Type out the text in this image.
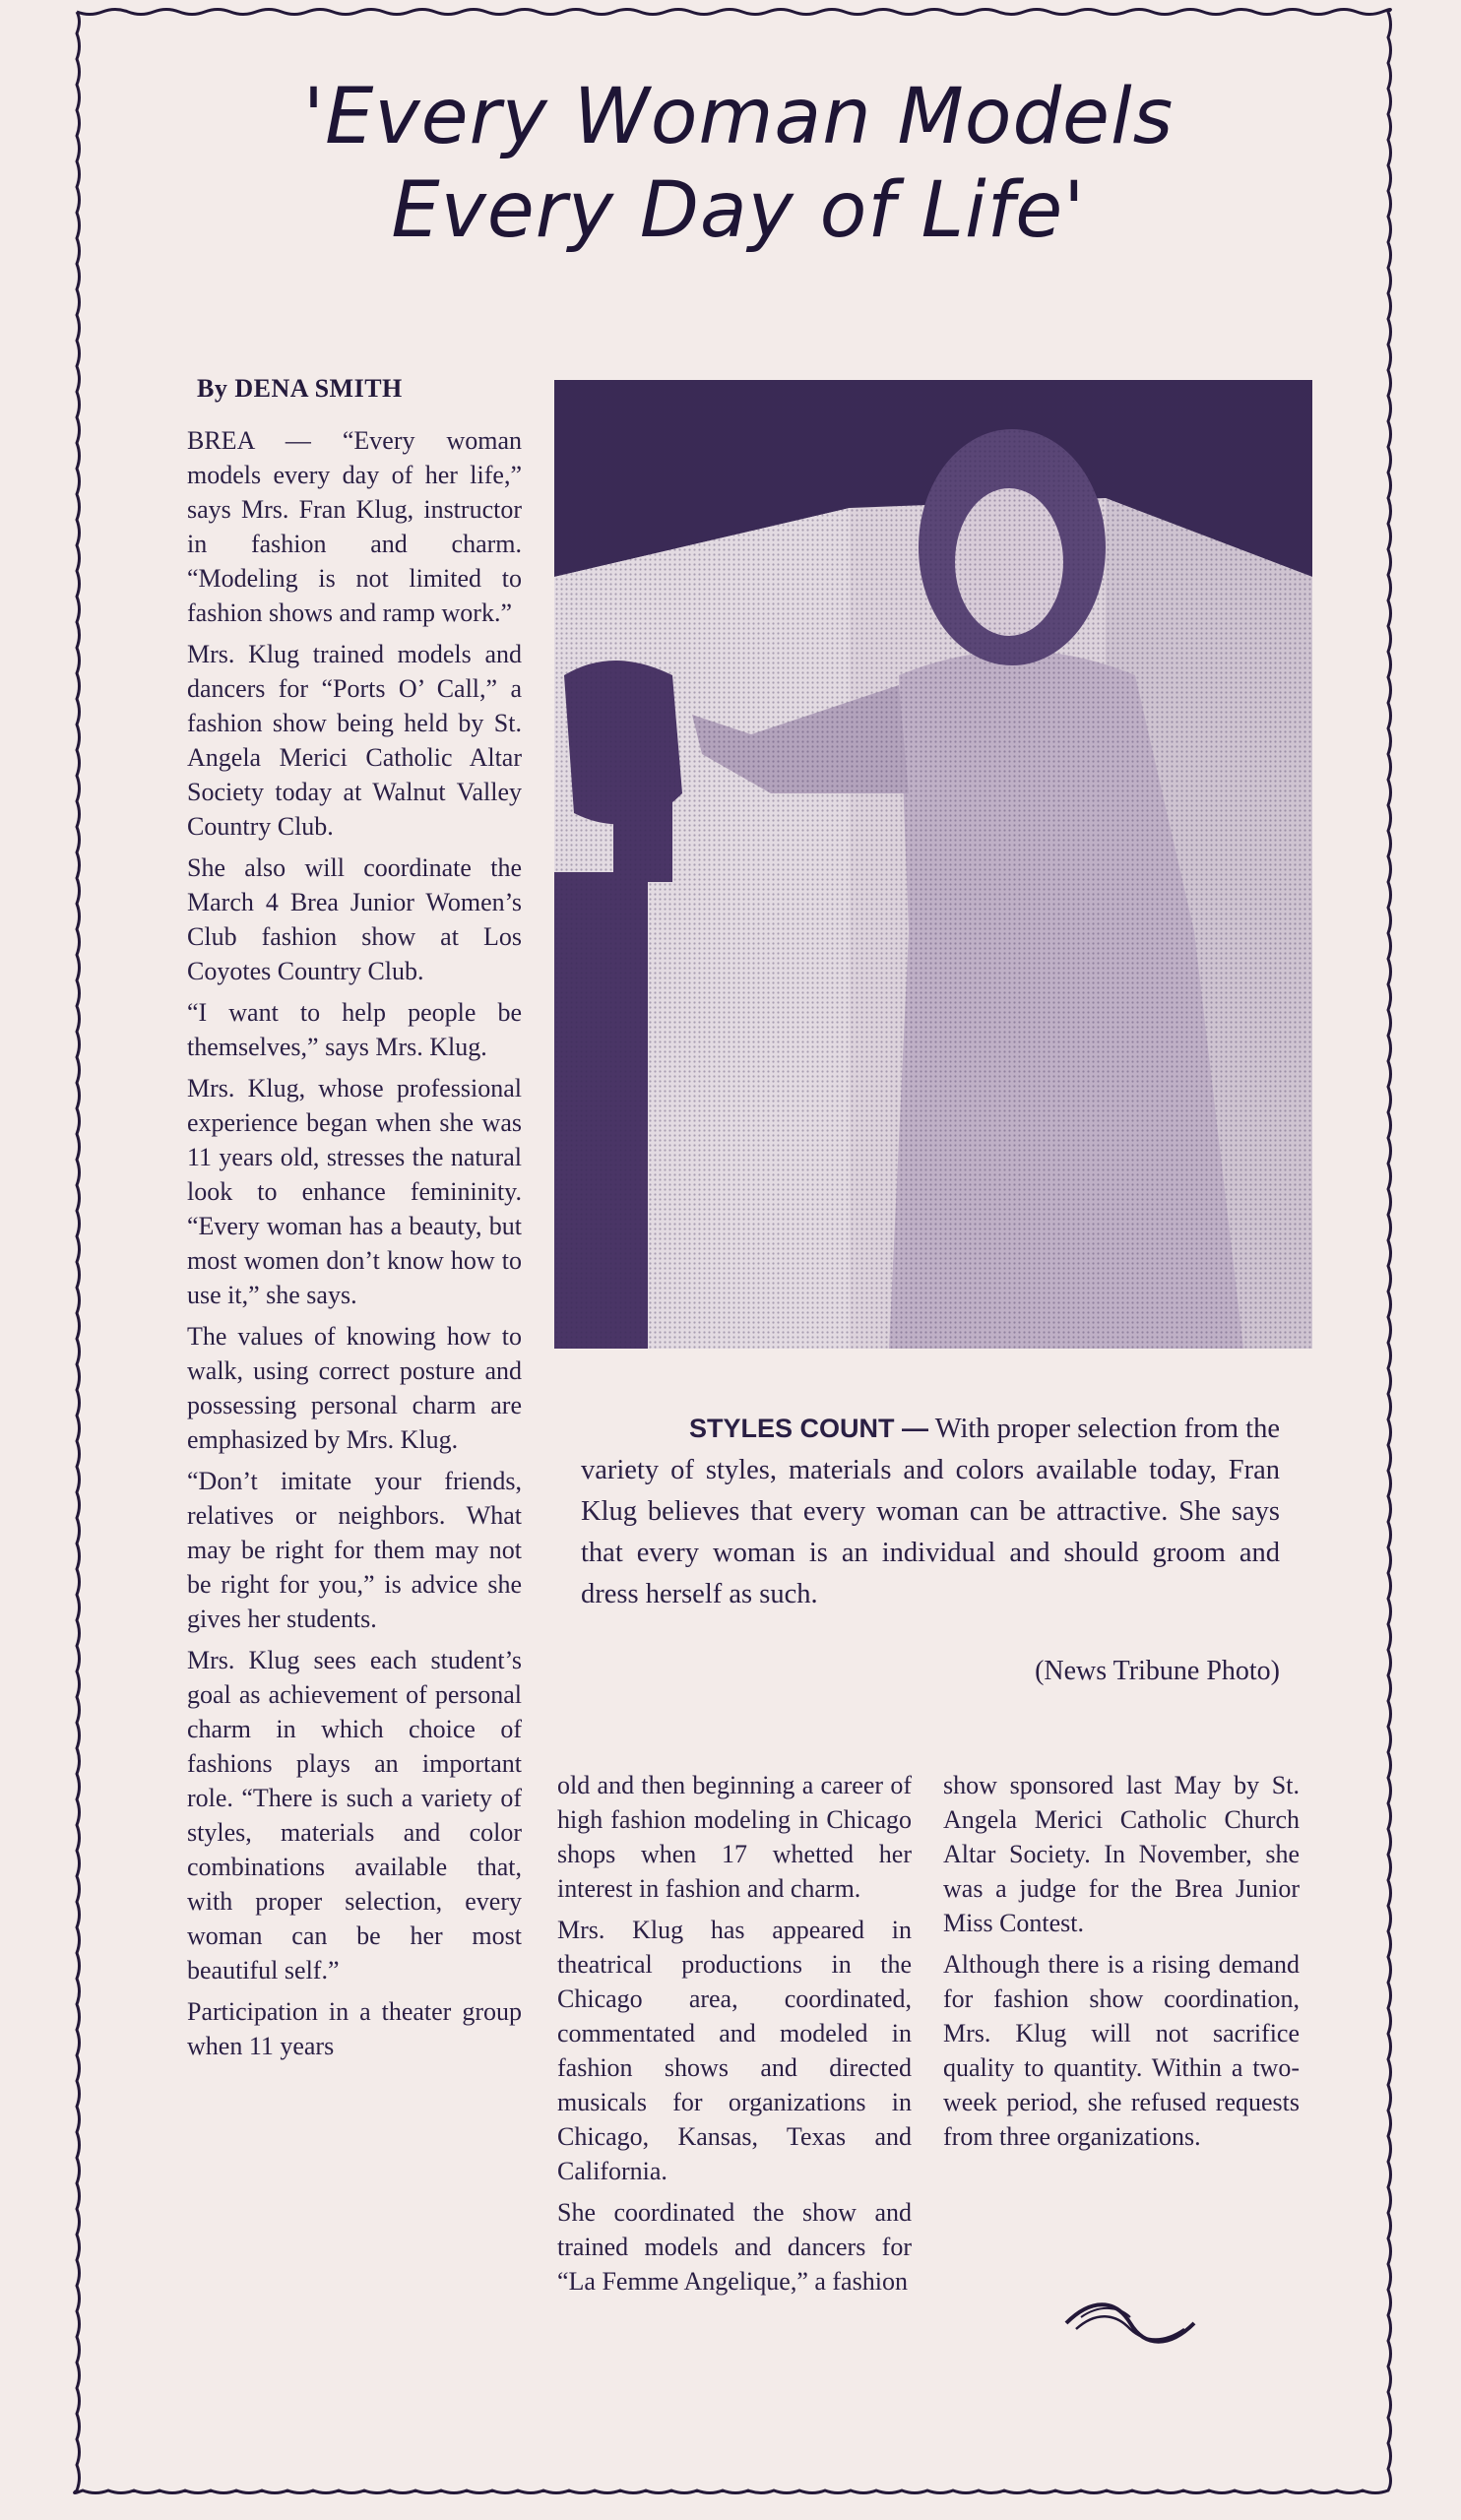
'Every Woman Models
Every Day of Life'
By DENA SMITH

BREA — “Every woman models every day of her life,” says Mrs. Fran Klug, instructor in fashion and charm. “Modeling is not limited to fashion shows and ramp work.”

Mrs. Klug trained models and dancers for “Ports O’ Call,” a fashion show being held by St. Angela Merici Catholic Altar Society today at Walnut Valley Country Club.

She also will coordinate the March 4 Brea Junior Women’s Club fashion show at Los Coyotes Country Club.

“I want to help people be themselves,” says Mrs. Klug.

Mrs. Klug, whose professional experience began when she was 11 years old, stresses the natural look to enhance femininity. “Every woman has a beauty, but most women don’t know how to use it,” she says.

The values of knowing how to walk, using correct posture and possessing personal charm are emphasized by Mrs. Klug.

“Don’t imitate your friends, relatives or neighbors. What may be right for them may not be right for you,” is advice she gives her students.

Mrs. Klug sees each student’s goal as achievement of personal charm in which choice of fashions plays an important role. “There is such a variety of styles, materials and color combinations available that, with proper selection, every woman can be her most beautiful self.”

Participation in a theater group when 11 years

STYLES COUNT — With proper selection from the variety of styles, materials and colors available today, Fran Klug believes that every woman can be attractive. She says that every woman is an individual and should groom and dress herself as such.
(News Tribune Photo)

old and then beginning a career of high fashion modeling in Chicago shops when 17 whetted her interest in fashion and charm.

Mrs. Klug has appeared in theatrical productions in the Chicago area, coordinated, commentated and modeled in fashion shows and directed musicals for organizations in Chicago, Kansas, Texas and California.

She coordinated the show and trained models and dancers for “La Femme Angelique,” a fashion

show sponsored last May by St. Angela Merici Catholic Church Altar Society. In November, she was a judge for the Brea Junior Miss Contest.

Although there is a rising demand for fashion show coordination, Mrs. Klug will not sacrifice quality to quantity. Within a two-week period, she refused requests from three organizations.
